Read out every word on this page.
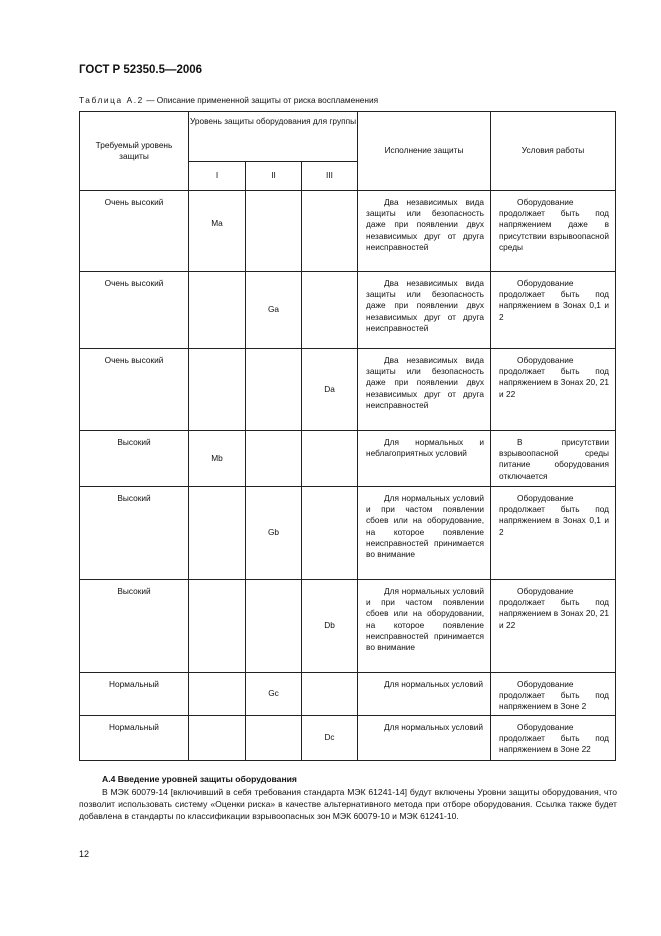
ГОСТ Р 52350.5—2006
Таблица А.2 — Описание примененной защиты от риска воспламенения
Требуемый уровень защиты	Уровень защиты оборудования для группы			Исполнение защиты	Условия работы
	I	II	III		
Очень высокий	Ma			Два независимых вида защиты или безопасность даже при появлении двух независимых друг от друга неисправностей	Оборудование продолжает быть под напряжением даже в присутствии взрывоопасной среды
Очень высокий		Ga		Два независимых вида защиты или безопасность даже при появлении двух независимых друг от друга неисправностей	Оборудование продолжает быть под напряжением в Зонах 0,1 и 2
Очень высокий			Da	Два независимых вида защиты или безопасность даже при появлении двух независимых друг от друга неисправностей	Оборудование продолжает быть под напряжением в Зонах 20, 21 и 22
Высокий	Mb			Для нормальных и неблагоприятных условий	В присутствии взрывоопасной среды питание оборудования отключается
Высокий		Gb		Для нормальных условий и при частом появлении сбоев или на оборудование, на которое появление неисправностей принимается во внимание	Оборудование продолжает быть под напряжением в Зонах 0,1 и 2
Высокий			Db	Для нормальных условий и при частом появлении сбоев или на оборудовании, на которое появление неисправностей принимается во внимание	Оборудование продолжает быть под напряжением в Зонах 20, 21 и 22
Нормальный		Gc		Для нормальных условий	Оборудование продолжает быть под напряжением в Зоне 2
Нормальный			Dc	Для нормальных условий	Оборудование продолжает быть под напряжением в Зоне 22
А.4 Введение уровней защиты оборудования
В МЭК 60079-14 [включивший в себя требования стандарта МЭК 61241-14] будут включены Уровни защиты оборудования, что позволит использовать систему «Оценки риска» в качестве альтернативного метода при отборе оборудования. Ссылка также будет добавлена в стандарты по классификации взрывоопасных зон МЭК 60079-10 и МЭК 61241-10.
12
